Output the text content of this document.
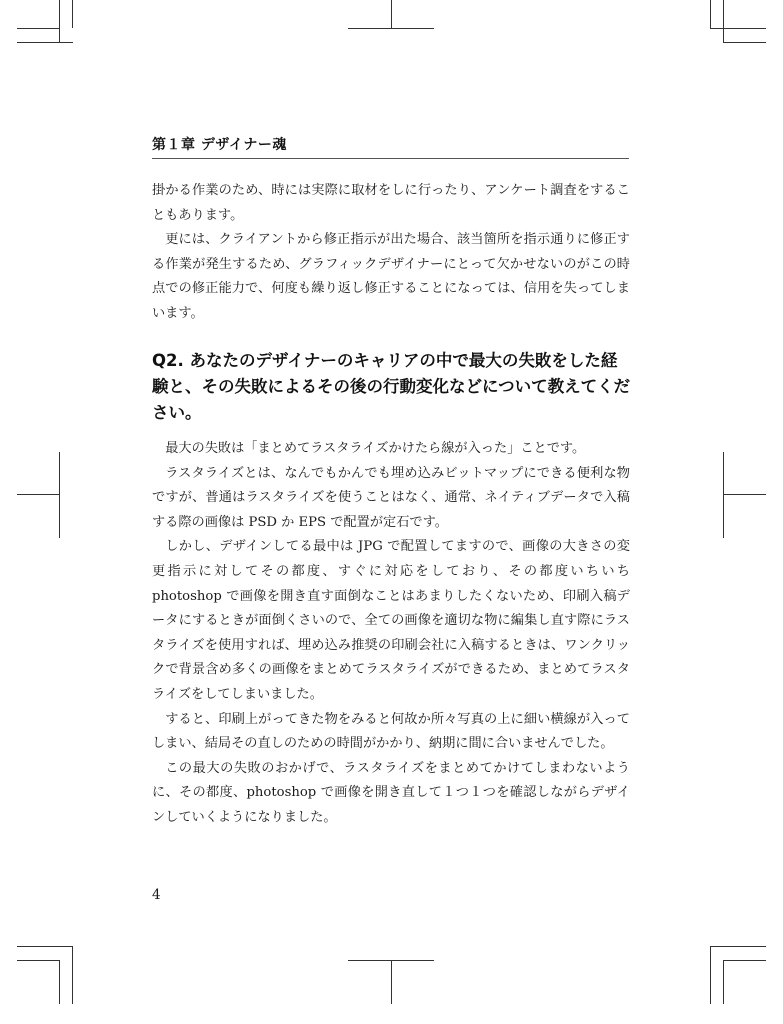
第１章 デザイナー魂

掛かる作業のため、時には実際に取材をしに行ったり、アンケート調査をすることもあります。

更には、クライアントから修正指示が出た場合、該当箇所を指示通りに修正する作業が発生するため、グラフィックデザイナーにとって欠かせないのがこの時点での修正能力で、何度も繰り返し修正することになっては、信用を失ってしまいます。

Q2. あなたのデザイナーのキャリアの中で最大の失敗をした経験と、その失敗によるその後の行動変化などについて教えてください。

最大の失敗は「まとめてラスタライズかけたら線が入った」ことです。

ラスタライズとは、なんでもかんでも埋め込みビットマップにできる便利な物ですが、普通はラスタライズを使うことはなく、通常、ネイティブデータで入稿する際の画像は PSD か EPS で配置が定石です。

しかし、デザインしてる最中は JPG で配置してますので、画像の大きさの変更指示に対してその都度、すぐに対応をしており、その都度いちいち photoshop で画像を開き直す面倒なことはあまりしたくないため、印刷入稿データにするときが面倒くさいので、全ての画像を適切な物に編集し直す際にラスタライズを使用すれば、埋め込み推奨の印刷会社に入稿するときは、ワンクリックで背景含め多くの画像をまとめてラスタライズができるため、まとめてラスタライズをしてしまいました。

すると、印刷上がってきた物をみると何故か所々写真の上に細い横線が入ってしまい、結局その直しのための時間がかかり、納期に間に合いませんでした。

この最大の失敗のおかげで、ラスタライズをまとめてかけてしまわないように、その都度、photoshop で画像を開き直して１つ１つを確認しながらデザインしていくようになりました。

4
